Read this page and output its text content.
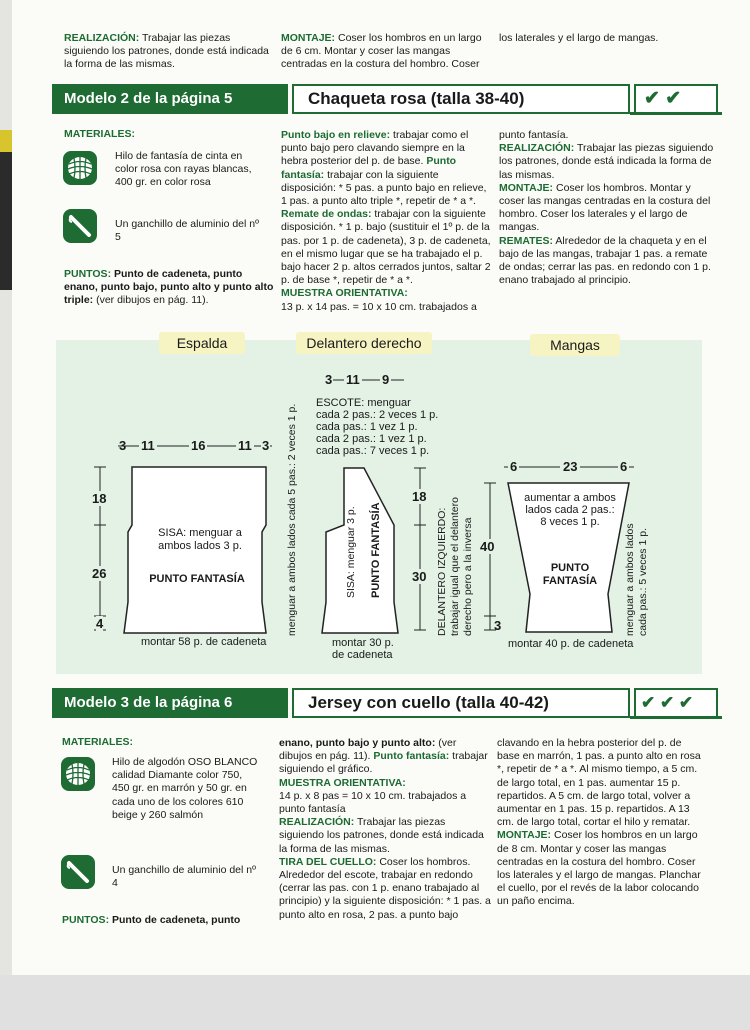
REALIZACIÓN: Trabajar las piezas siguiendo los patrones, donde está indicada la forma de las mismas.

MONTAJE: Coser los hombros en un largo de 6 cm. Montar y coser las mangas centradas en la costura del hombro. Coser

los laterales y el largo de mangas.

Modelo 2 de la página 5	Chaqueta rosa (talla 38-40)	✔ ✔

MATERIALES:

Hilo de fantasía de cinta en color rosa con rayas blancas, 400 gr. en color rosa

Un ganchillo de aluminio del nº 5

PUNTOS: Punto de cadeneta, punto enano, punto bajo, punto alto y punto alto triple: (ver dibujos en pág. 11).

Punto bajo en relieve: trabajar como el punto bajo pero clavando siempre en la hebra posterior del p. de base. Punto fantasía: trabajar con la siguiente disposición: * 5 pas. a punto bajo en relieve, 1 pas. a punto alto triple *, repetir de * a *. Remate de ondas: trabajar con la siguiente disposición. * 1 p. bajo (sustituir el 1º p. de la pas. por 1 p. de cadeneta), 3 p. de cadeneta, en el mismo lugar que se ha trabajado el p. bajo hacer 2 p. altos cerrados juntos, saltar 2 p. de base *, repetir de * a *.

MUESTRA ORIENTATIVA:

13 p. x 14 pas. = 10 x 10 cm. trabajados a

punto fantasía.

REALIZACIÓN: Trabajar las piezas siguiendo los patrones, donde está indicada la forma de las mismas.

MONTAJE: Coser los hombros. Montar y coser las mangas centradas en la costura del hombro. Coser los laterales y el largo de mangas.

REMATES: Alrededor de la chaqueta y en el bajo de las mangas, trabajar 1 pas. a remate de ondas; cerrar las pas. en redondo con 1 p. enano trabajado al principio.

Espalda	Delantero derecho	Mangas
3 11	16	11 3
18
26
4
SISA: menguar a ambos lados 3 p.
PUNTO FANTASÍA
montar 58 p. de cadeneta
menguar a ambos lados cada 5 pas.: 2 veces 1 p.
3 11 9
ESCOTE: menguar
cada 2 pas.: 2 veces 1 p.
cada pas.: 1 vez 1 p.
cada 2 pas.: 1 vez 1 p.
cada pas.: 7 veces 1 p.
SISA: menguar 3 p. PUNTO FANTASÍA
18
30
montar 30 p.
de cadeneta
DELANTERO IZQUIERDO: trabajar igual que el delantero derecho pero a la inversa
6	23	6
aumentar a ambos
lados cada 2 pas.:
8 veces 1 p.
PUNTO
FANTASÍA
40
3
montar 40 p. de cadeneta
menguar a ambos lados cada pas.: 5 veces 1 p.
Modelo 3 de la página 6	Jersey con cuello (talla 40-42)	✔ ✔ ✔

MATERIALES:

Hilo de algodón OSO BLANCO calidad Diamante color 750, 450 gr. en marrón y 50 gr. en cada uno de los colores 610 beige y 260 salmón

Un ganchillo de aluminio del nº 4

PUNTOS: Punto de cadeneta, punto

enano, punto bajo y punto alto: (ver dibujos en pág. 11). Punto fantasía: trabajar siguiendo el gráfico.

MUESTRA ORIENTATIVA:

14 p. x 8 pas = 10 x 10 cm. trabajados a punto fantasía

REALIZACIÓN: Trabajar las piezas siguiendo los patrones, donde está indicada la forma de las mismas.

TIRA DEL CUELLO: Coser los hombros. Alrededor del escote, trabajar en redondo (cerrar las pas. con 1 p. enano trabajado al principio) y la siguiente disposición: * 1 pas. a punto alto en rosa, 2 pas. a punto bajo

clavando en la hebra posterior del p. de base en marrón, 1 pas. a punto alto en rosa *, repetir de * a *. Al mismo tiempo, a 5 cm. de largo total, en 1 pas. aumentar 15 p. repartidos. A 5 cm. de largo total, volver a aumentar en 1 pas. 15 p. repartidos. A 13 cm. de largo total, cortar el hilo y rematar.

MONTAJE: Coser los hombros en un largo de 8 cm. Montar y coser las mangas centradas en la costura del hombro. Coser los laterales y el largo de mangas. Planchar el cuello, por el revés de la labor colocando un paño encima.
